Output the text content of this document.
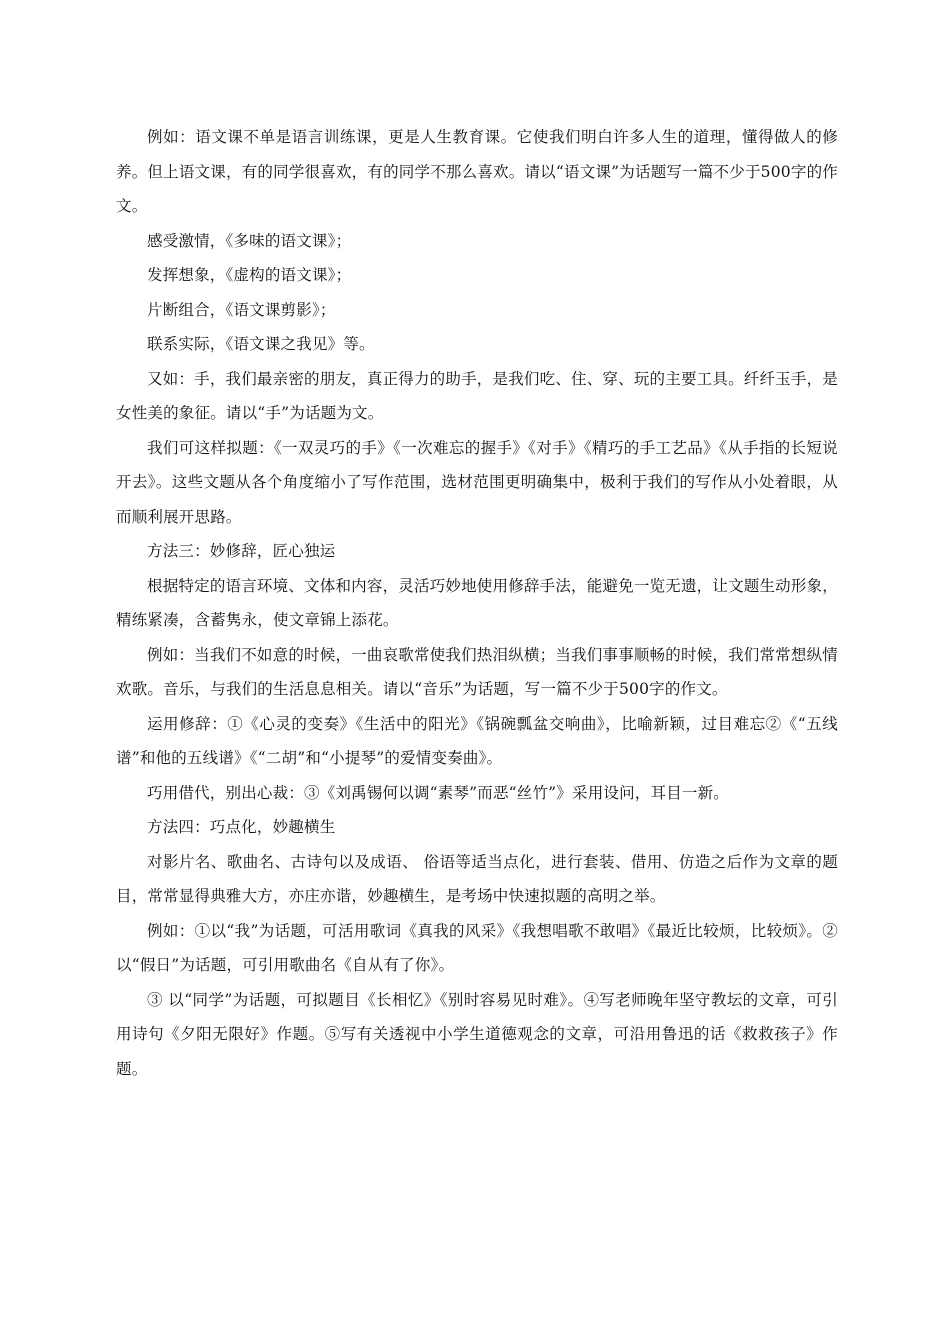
例如：语文课不单是语言训练课，更是人生教育课。它使我们明白许多人生的道理，懂得做人的修养。但上语文课，有的同学很喜欢，有的同学不那么喜欢。请以“语文课”为话题写一篇不少于500字的作文。

感受激情，《多味的语文课》；

发挥想象，《虚构的语文课》；

片断组合，《语文课剪影》；

联系实际，《语文课之我见》等。

又如：手，我们最亲密的朋友，真正得力的助手，是我们吃、住、穿、玩的主要工具。纤纤玉手，是女性美的象征。请以“手”为话题为文。

我们可这样拟题：《一双灵巧的手》《一次难忘的握手》《对手》《精巧的手工艺品》《从手指的长短说开去》。这些文题从各个角度缩小了写作范围，选材范围更明确集中，极利于我们的写作从小处着眼，从而顺利展开思路。

方法三：妙修辞，匠心独运

根据特定的语言环境、文体和内容，灵活巧妙地使用修辞手法，能避免一览无遗，让文题生动形象，精练紧凑，含蓄隽永，使文章锦上添花。

例如：当我们不如意的时候，一曲哀歌常使我们热泪纵横；当我们事事顺畅的时候，我们常常想纵情欢歌。音乐，与我们的生活息息相关。请以“音乐”为话题，写一篇不少于500字的作文。

运用修辞：①《心灵的变奏》《生活中的阳光》《锅碗瓢盆交响曲》，比喻新颖，过目难忘②《“五线谱”和他的五线谱》《“二胡”和“小提琴”的爱情变奏曲》。

巧用借代，别出心裁：③《刘禹锡何以调“素琴”而恶“丝竹”》采用设问，耳目一新。

方法四：巧点化，妙趣横生

对影片名、歌曲名、古诗句以及成语、 俗语等适当点化，进行套装、借用、仿造之后作为文章的题目，常常显得典雅大方，亦庄亦谐，妙趣横生，是考场中快速拟题的高明之举。

例如：①以“我”为话题，可活用歌词《真我的风采》《我想唱歌不敢唱》《最近比较烦，比较烦》。②以“假日”为话题，可引用歌曲名《自从有了你》。

③ 以“同学”为话题，可拟题目《长相忆》《别时容易见时难》。④写老师晚年坚守教坛的文章，可引用诗句《夕阳无限好》作题。⑤写有关透视中小学生道德观念的文章，可沿用鲁迅的话《救救孩子》作题。
